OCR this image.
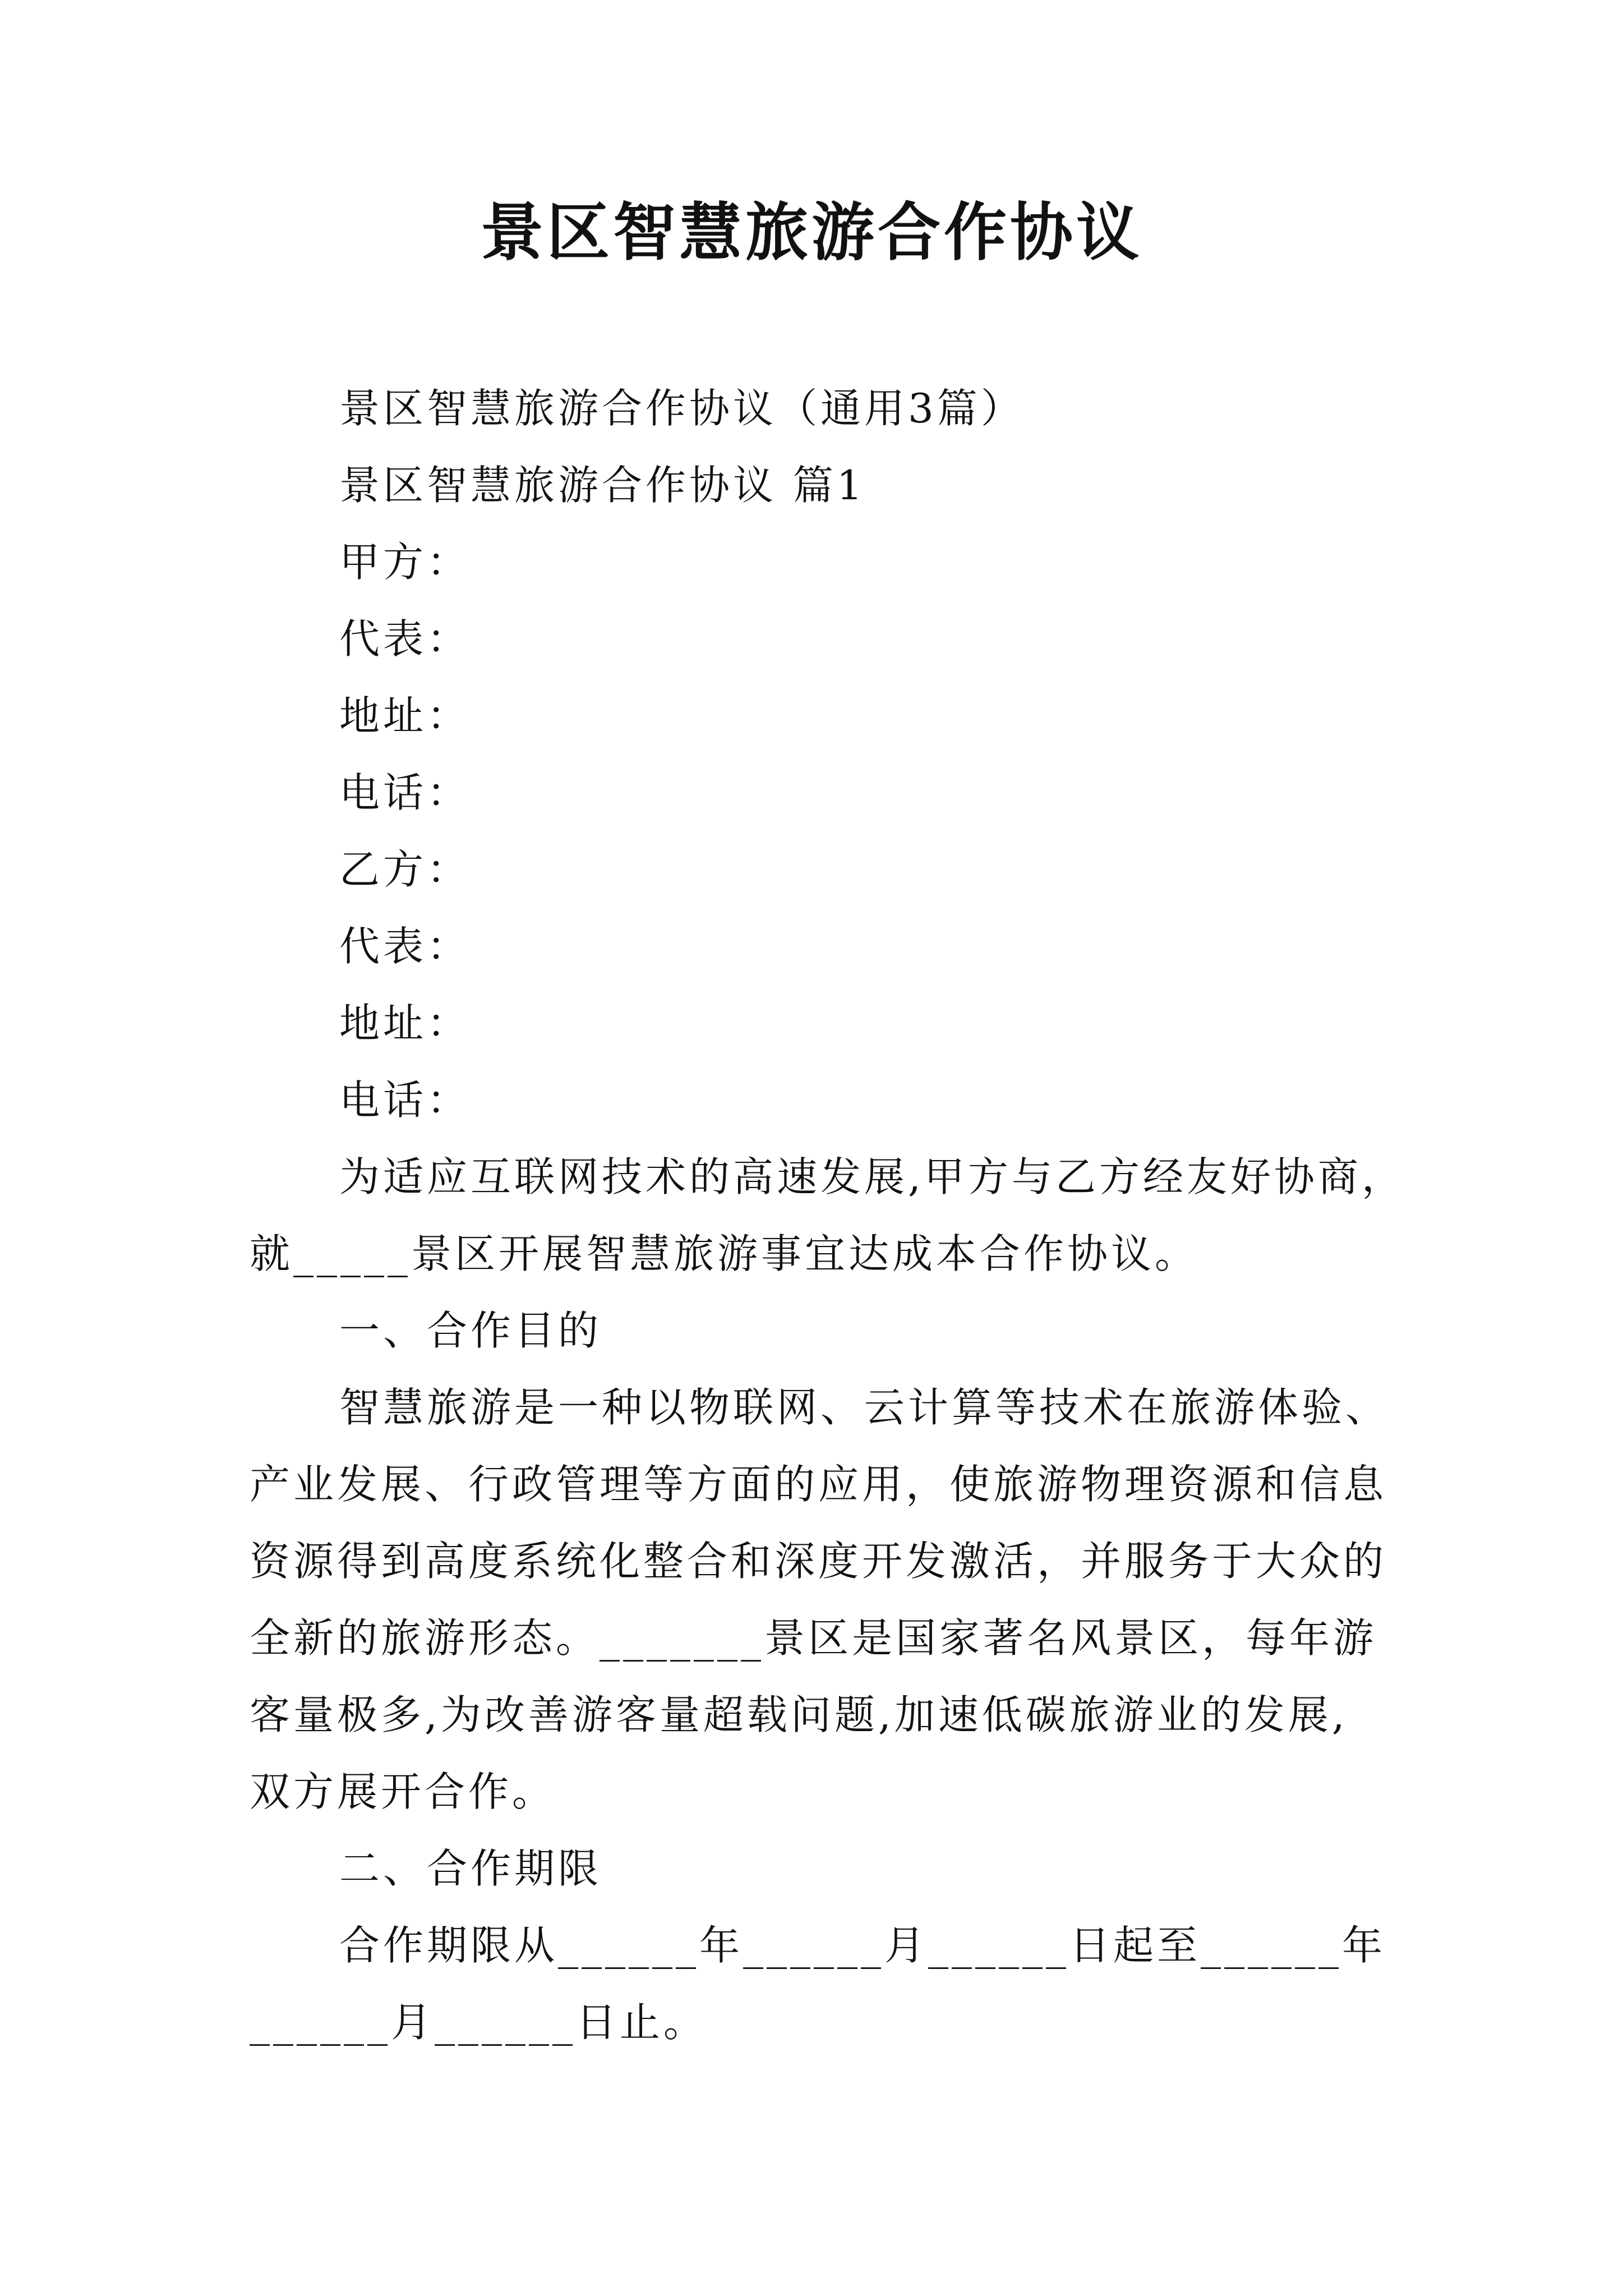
景区智慧旅游合作协议
景区智慧旅游合作协议（通用3篇）
景区智慧旅游合作协议 篇1
甲方：
代表：
地址：
电话：
乙方：
代表：
地址：
电话：
为适应互联网技术的高速发展,甲方与乙方经友好协商，
就_____景区开展智慧旅游事宜达成本合作协议。
一、合作目的
智慧旅游是一种以物联网、云计算等技术在旅游体验、
产业发展、行政管理等方面的应用，使旅游物理资源和信息
资源得到高度系统化整合和深度开发激活，并服务于大众的
全新的旅游形态。_______景区是国家著名风景区，每年游
客量极多,为改善游客量超载问题,加速低碳旅游业的发展,
双方展开合作。
二、合作期限
合作期限从______年______月______日起至______年
______月______日止。
